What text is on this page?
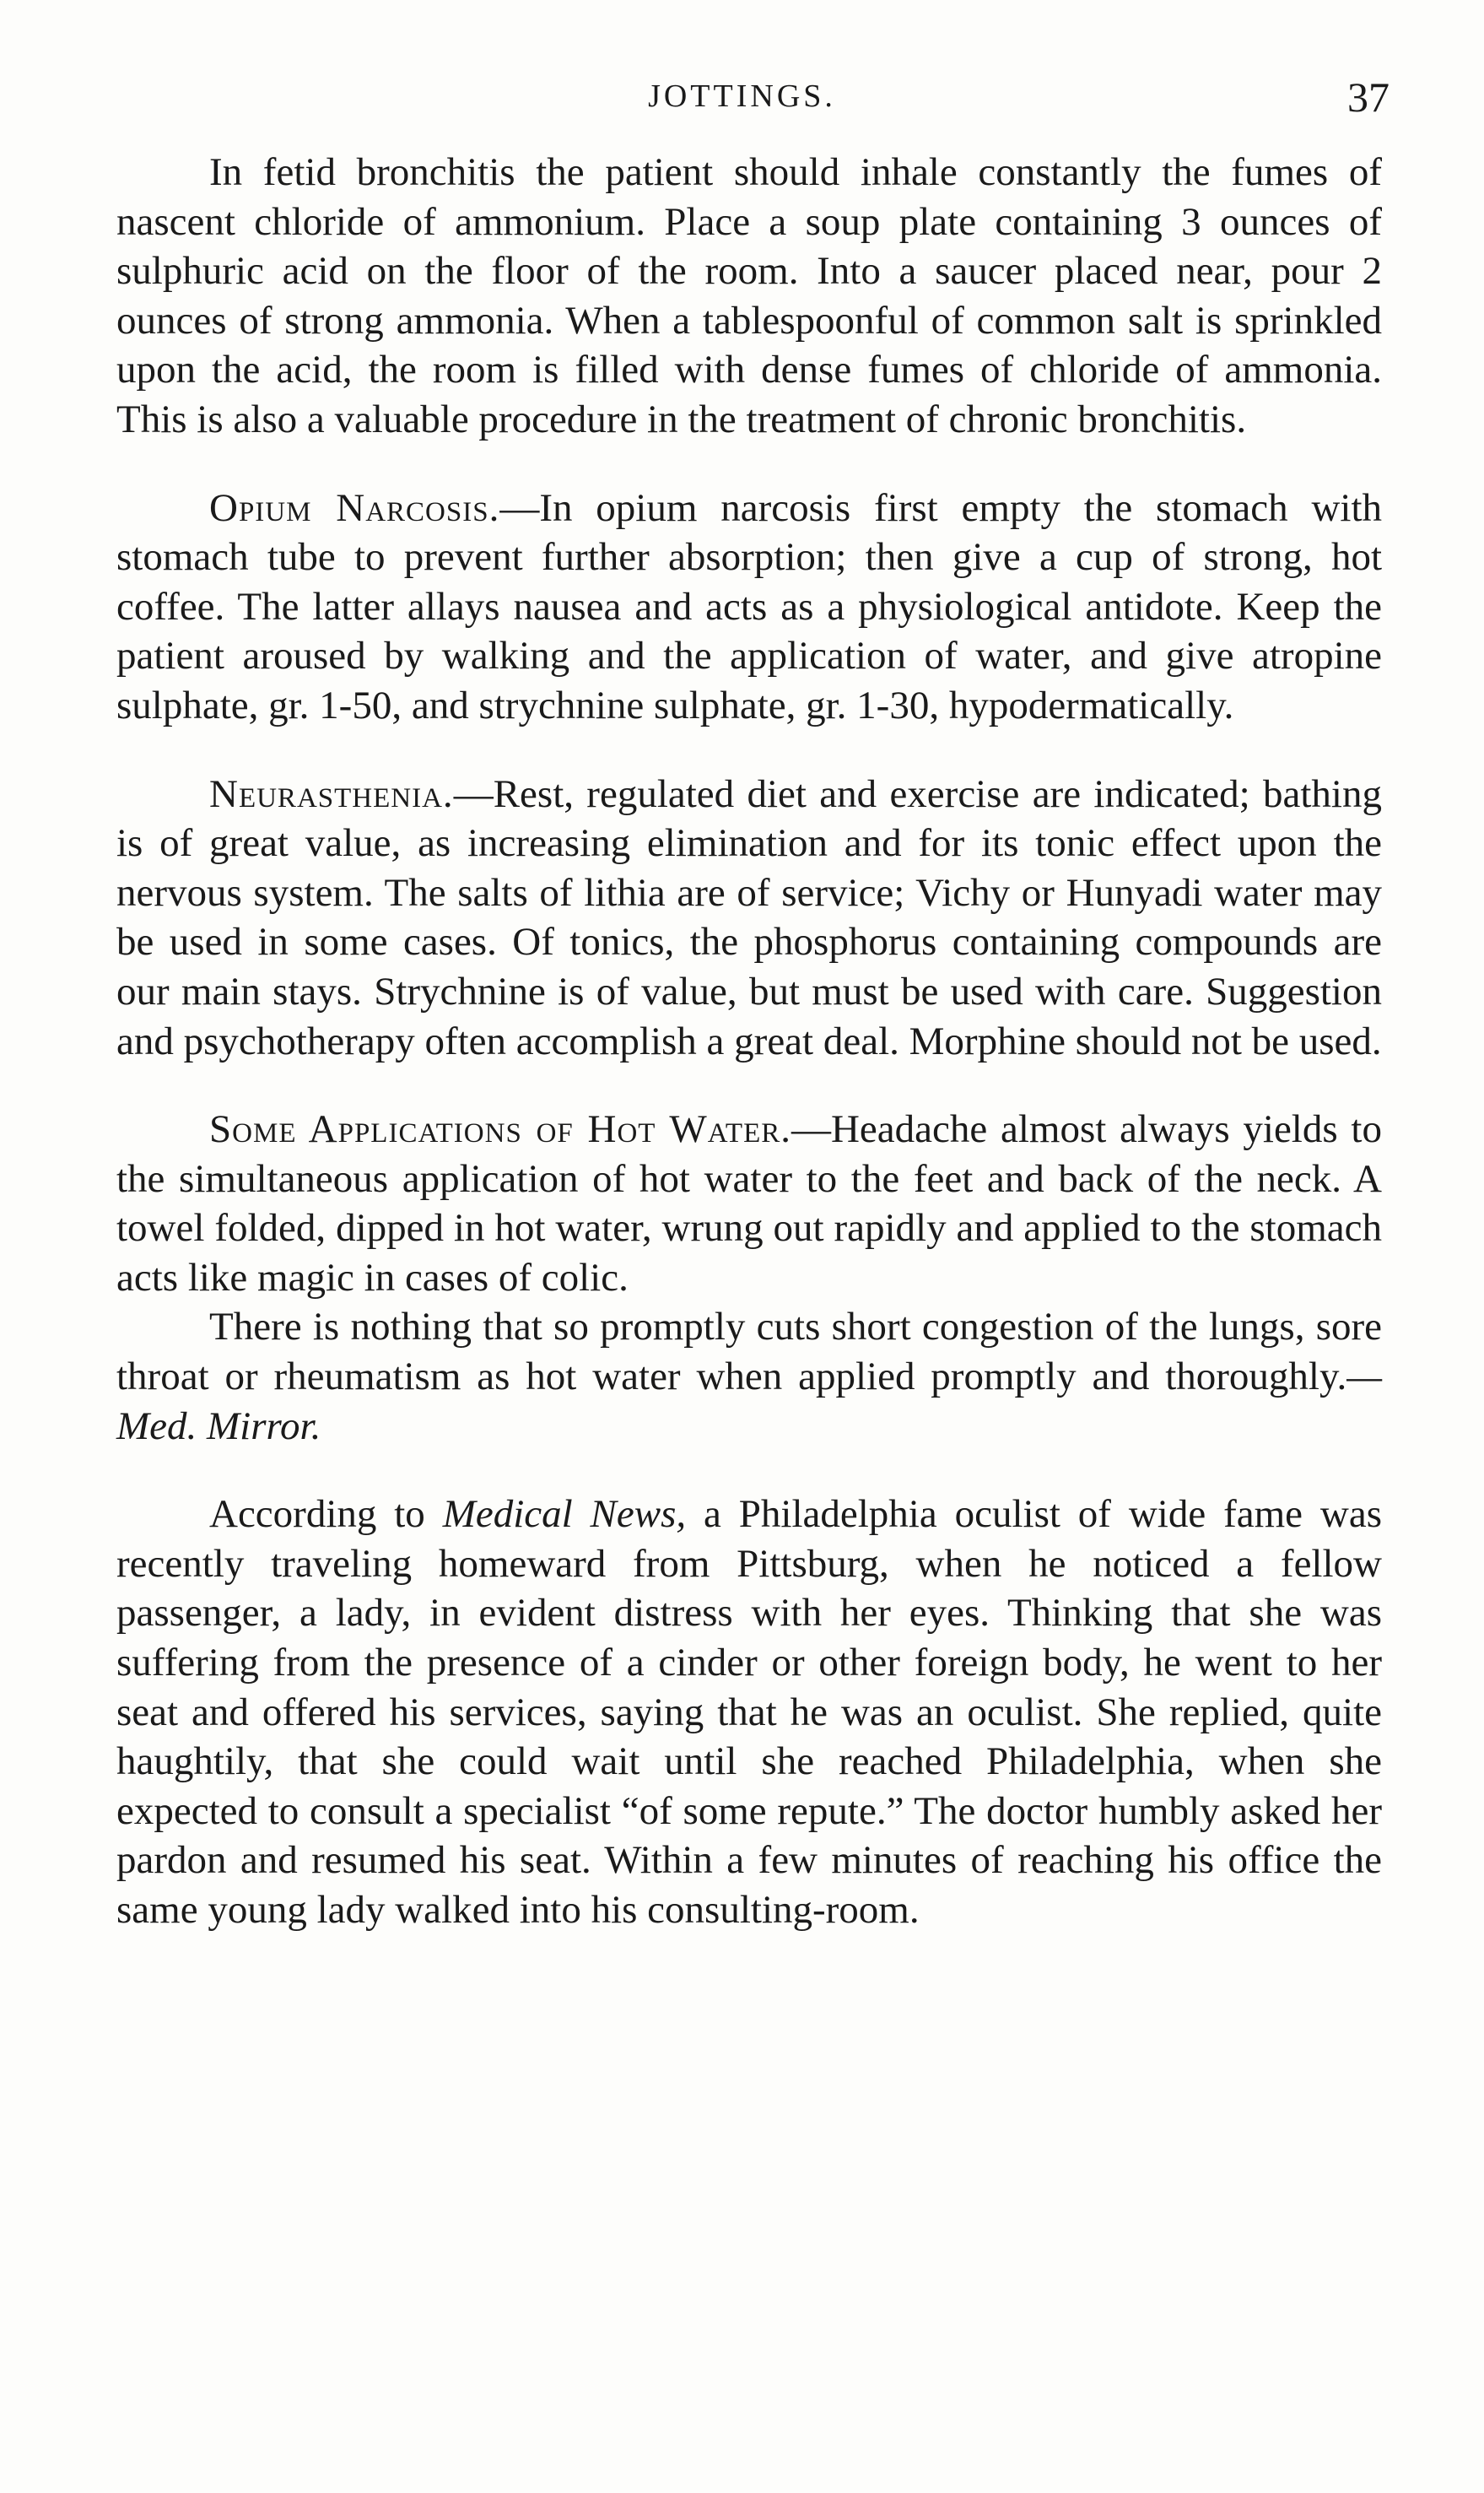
JOTTINGS.	37

In fetid bronchitis the patient should inhale constantly the fumes of nascent chloride of ammonium. Place a soup plate containing 3 ounces of sulphuric acid on the floor of the room. Into a saucer placed near, pour 2 ounces of strong ammonia. When a tablespoonful of common salt is sprinkled upon the acid, the room is filled with dense fumes of chloride of ammonia. This is also a valuable procedure in the treatment of chronic bronchitis.

Opium Narcosis.—In opium narcosis first empty the stomach with stomach tube to prevent further absorption; then give a cup of strong, hot coffee. The latter allays nausea and acts as a physiological antidote. Keep the patient aroused by walking and the application of water, and give atropine sulphate, gr. 1-50, and strychnine sulphate, gr. 1-30, hypodermatically.

Neurasthenia.—Rest, regulated diet and exercise are indicated; bathing is of great value, as increasing elimination and for its tonic effect upon the nervous system. The salts of lithia are of service; Vichy or Hunyadi water may be used in some cases. Of tonics, the phosphorus containing compounds are our main stays. Strychnine is of value, but must be used with care. Suggestion and psychotherapy often accomplish a great deal. Morphine should not be used.

Some Applications of Hot Water.—Headache almost always yields to the simultaneous application of hot water to the feet and back of the neck. A towel folded, dipped in hot water, wrung out rapidly and applied to the stomach acts like magic in cases of colic.

There is nothing that so promptly cuts short congestion of the lungs, sore throat or rheumatism as hot water when applied promptly and thoroughly.—Med. Mirror.

According to Medical News, a Philadelphia oculist of wide fame was recently traveling homeward from Pittsburg, when he noticed a fellow passenger, a lady, in evident distress with her eyes. Thinking that she was suffering from the presence of a cinder or other foreign body, he went to her seat and offered his services, saying that he was an oculist. She replied, quite haughtily, that she could wait until she reached Philadelphia, when she expected to consult a specialist “of some repute.” The doctor humbly asked her pardon and resumed his seat. Within a few minutes of reaching his office the same young lady walked into his consulting-room.
